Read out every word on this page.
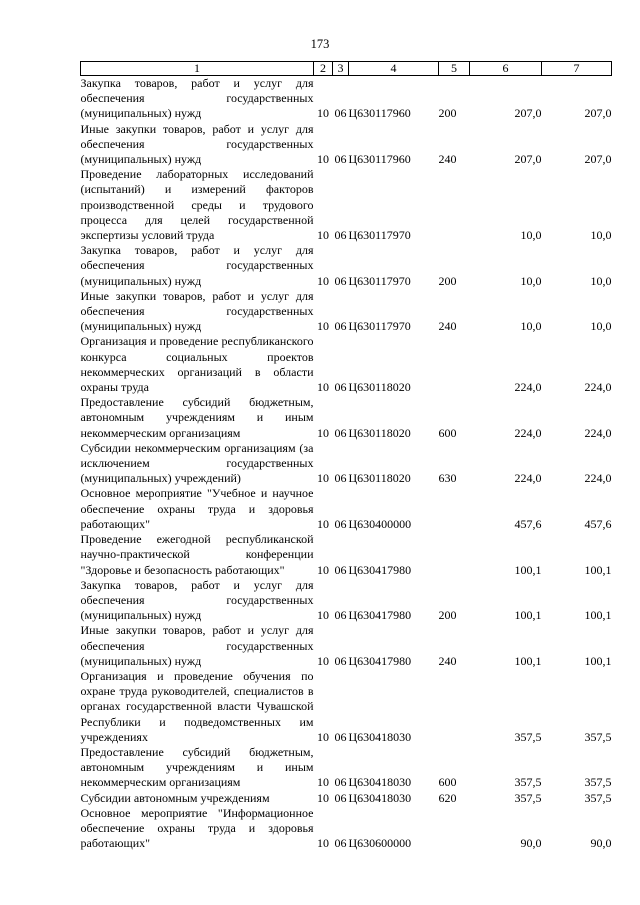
173
1	2	3	4	5	6	7
Закупка товаров, работ и услуг для обеспечения государственных (муниципальных) нужд	10	06	Ц630117960	200	207,0	207,0
Иные закупки товаров, работ и услуг для обеспечения государственных (муниципальных) нужд	10	06	Ц630117960	240	207,0	207,0
Проведение лабораторных исследований (испытаний) и измерений факторов производственной среды и трудового процесса для целей государственной экспертизы условий труда	10	06	Ц630117970		10,0	10,0
Закупка товаров, работ и услуг для обеспечения государственных (муниципальных) нужд	10	06	Ц630117970	200	10,0	10,0
Иные закупки товаров, работ и услуг для обеспечения государственных (муниципальных) нужд	10	06	Ц630117970	240	10,0	10,0
Организация и проведение республиканского конкурса социальных проектов некоммерческих организаций в области охраны труда	10	06	Ц630118020		224,0	224,0
Предоставление субсидий бюджетным, автономным учреждениям и иным некоммерческим организациям	10	06	Ц630118020	600	224,0	224,0
Субсидии некоммерческим организациям (за исключением государственных (муниципальных) учреждений)	10	06	Ц630118020	630	224,0	224,0
Основное мероприятие "Учебное и научное обеспечение охраны труда и здоровья работающих"	10	06	Ц630400000		457,6	457,6
Проведение ежегодной республиканской научно-практической конференции "Здоровье и безопасность работающих"	10	06	Ц630417980		100,1	100,1
Закупка товаров, работ и услуг для обеспечения государственных (муниципальных) нужд	10	06	Ц630417980	200	100,1	100,1
Иные закупки товаров, работ и услуг для обеспечения государственных (муниципальных) нужд	10	06	Ц630417980	240	100,1	100,1
Организация и проведение обучения по охране труда руководителей, специалистов в органах государственной власти Чувашской Республики и подведомственных им учреждениях	10	06	Ц630418030		357,5	357,5
Предоставление субсидий бюджетным, автономным учреждениям и иным некоммерческим организациям	10	06	Ц630418030	600	357,5	357,5
Субсидии автономным учреждениям	10	06	Ц630418030	620	357,5	357,5
Основное мероприятие "Информационное обеспечение охраны труда и здоровья работающих"	10	06	Ц630600000		90,0	90,0
